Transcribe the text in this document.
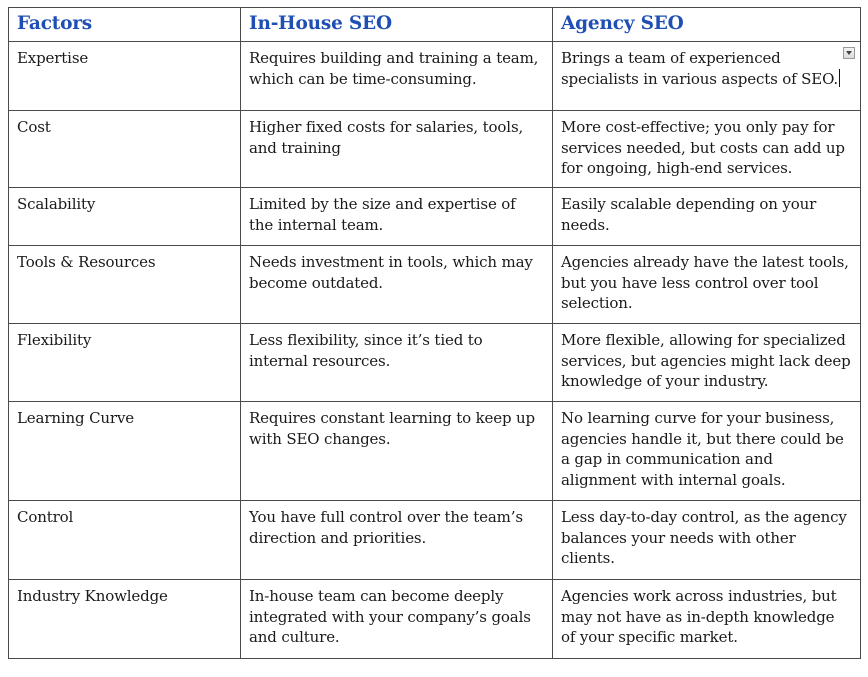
Factors	In-House SEO	Agency SEO
Expertise	Requires building and training a team, which can be time-consuming.	Brings a team of experienced specialists in various aspects of SEO.

Cost	Higher fixed costs for salaries, tools, and training	More cost-effective; you only pay for services needed, but costs can add up for ongoing, high-end services.
Scalability	Limited by the size and expertise of the internal team.	Easily scalable depending on your needs.
Tools & Resources	Needs investment in tools, which may become outdated.	Agencies already have the latest tools, but you have less control over tool selection.
Flexibility	Less flexibility, since it’s tied to internal resources.	More flexible, allowing for specialized services, but agencies might lack deep knowledge of your industry.
Learning Curve	Requires constant learning to keep up with SEO changes.	No learning curve for your business, agencies handle it, but there could be a gap in communication and alignment with internal goals.
Control	You have full control over the team’s direction and priorities.	Less day-to-day control, as the agency balances your needs with other clients.
Industry Knowledge	In-house team can become deeply integrated with your company’s goals and culture.	Agencies work across industries, but may not have as in-depth knowledge of your specific market.
